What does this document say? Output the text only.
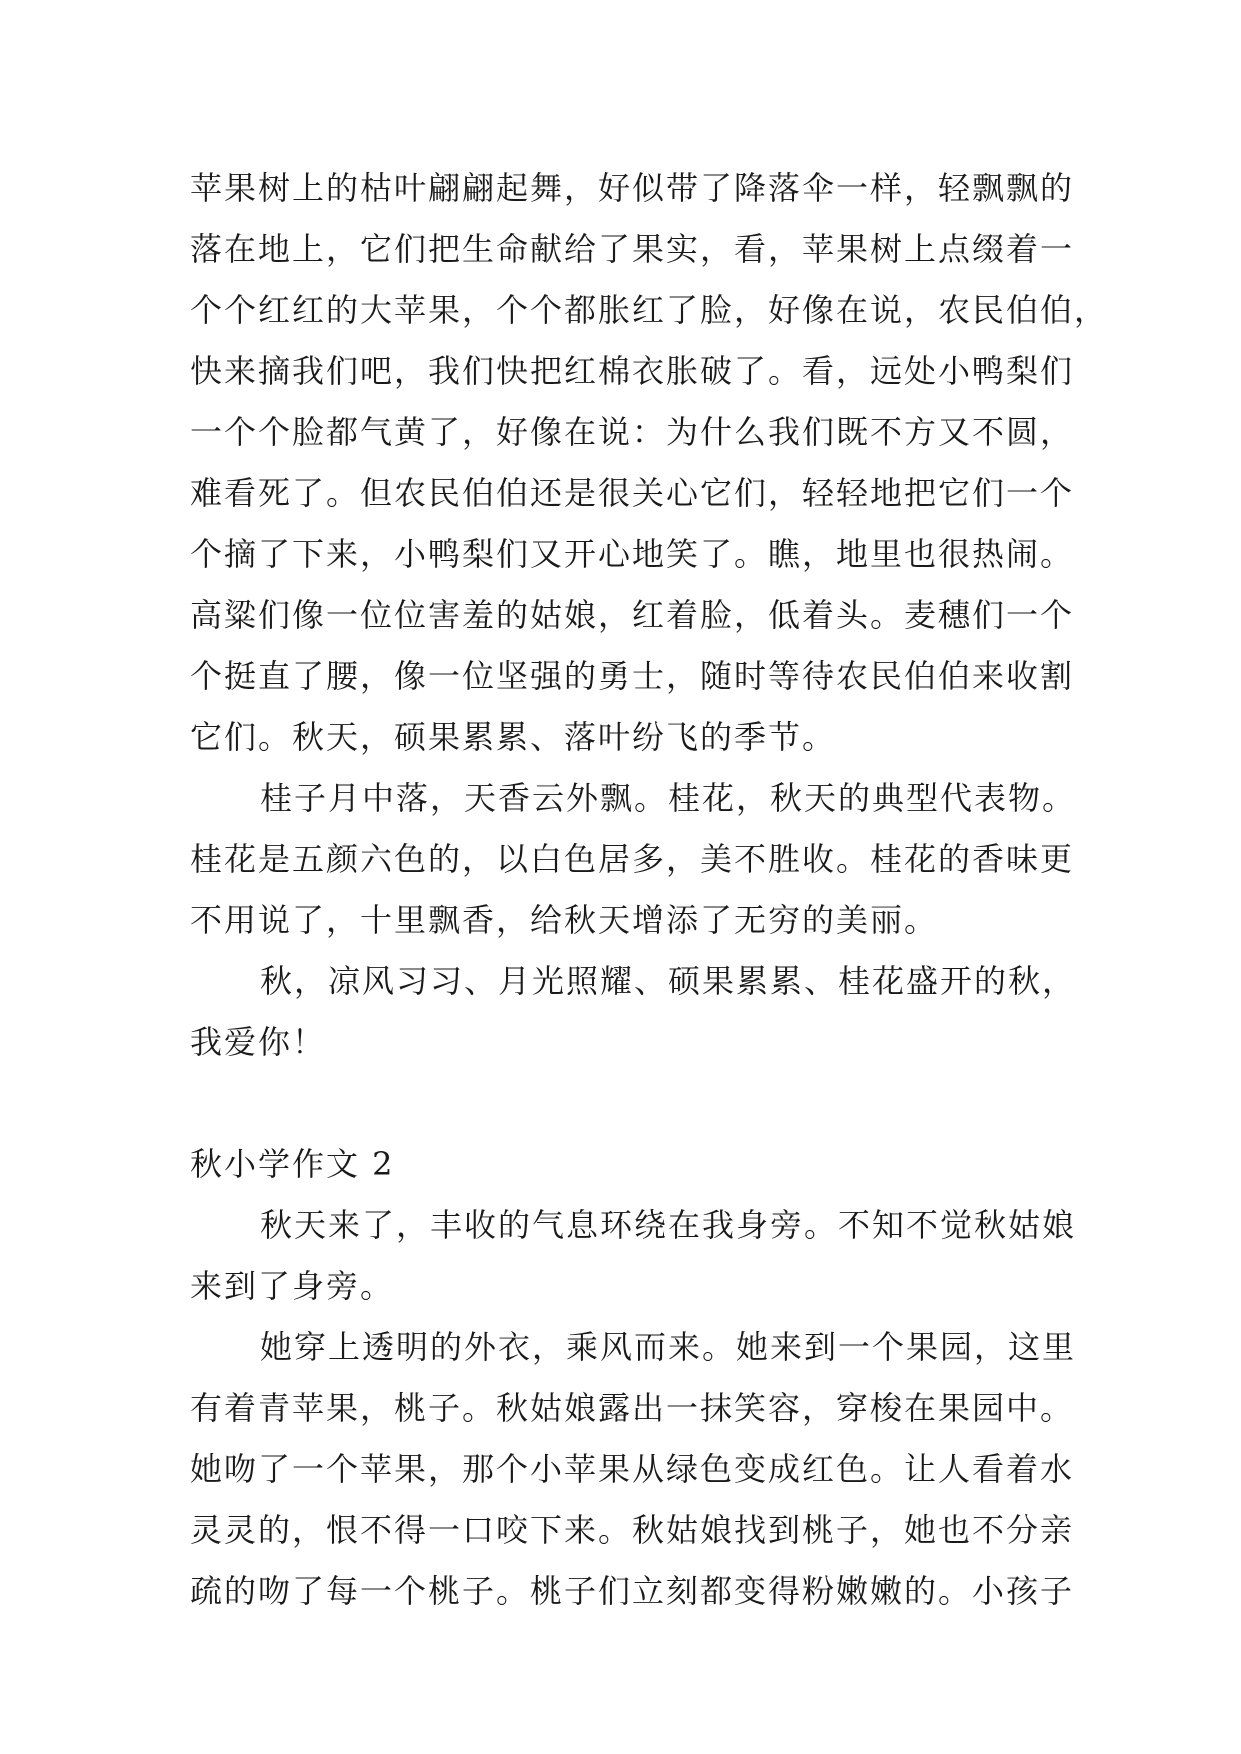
苹果树上的枯叶翩翩起舞，好似带了降落伞一样，轻飘飘的
落在地上，它们把生命献给了果实，看，苹果树上点缀着一
个个红红的大苹果，个个都胀红了脸，好像在说，农民伯伯，
快来摘我们吧，我们快把红棉衣胀破了。看，远处小鸭梨们
一个个脸都气黄了，好像在说：为什么我们既不方又不圆，
难看死了。但农民伯伯还是很关心它们，轻轻地把它们一个
个摘了下来，小鸭梨们又开心地笑了。瞧，地里也很热闹。
高粱们像一位位害羞的姑娘，红着脸，低着头。麦穗们一个
个挺直了腰，像一位坚强的勇士，随时等待农民伯伯来收割
它们。秋天，硕果累累、落叶纷飞的季节。
桂子月中落，天香云外飘。桂花，秋天的典型代表物。
桂花是五颜六色的，以白色居多，美不胜收。桂花的香味更
不用说了，十里飘香，给秋天增添了无穷的美丽。
秋，凉风习习、月光照耀、硕果累累、桂花盛开的秋，
我爱你！
秋小学作文 2
秋天来了，丰收的气息环绕在我身旁。不知不觉秋姑娘
来到了身旁。
她穿上透明的外衣，乘风而来。她来到一个果园，这里
有着青苹果，桃子。秋姑娘露出一抹笑容，穿梭在果园中。
她吻了一个苹果，那个小苹果从绿色变成红色。让人看着水
灵灵的，恨不得一口咬下来。秋姑娘找到桃子，她也不分亲
疏的吻了每一个桃子。桃子们立刻都变得粉嫩嫩的。小孩子
